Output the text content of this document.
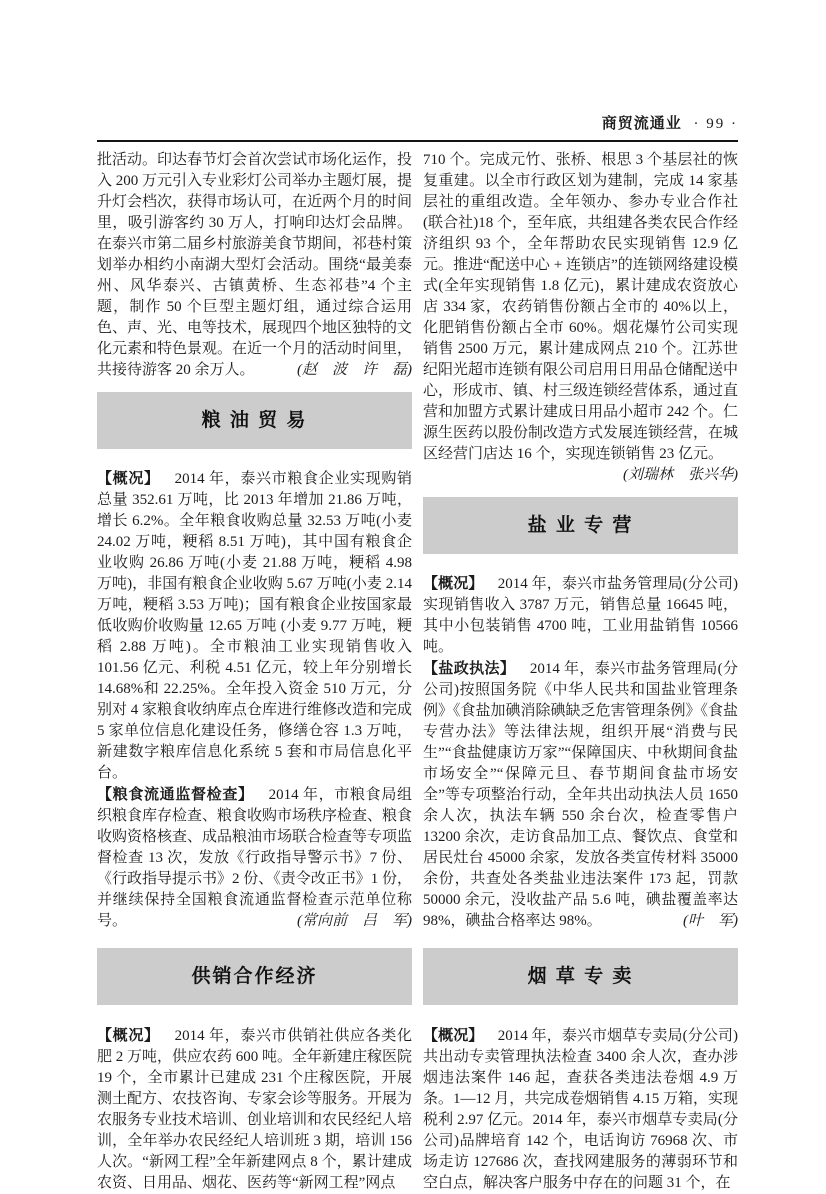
商贸流通业 · 99 ·

批活动。印达春节灯会首次尝试市场化运作，投入 200 万元引入专业彩灯公司举办主题灯展，提升灯会档次，获得市场认可，在近两个月的时间里，吸引游客约 30 万人，打响印达灯会品牌。在泰兴市第二届乡村旅游美食节期间，祁巷村策划举办相约小南湖大型灯会活动。围绕“最美泰州、风华泰兴、古镇黄桥、生态祁巷”4 个主题，制作 50 个巨型主题灯组，通过综合运用色、声、光、电等技术，展现四个地区独特的文化元素和特色景观。在近一个月的活动时间里，共接待游客 20 余万人。	(赵　波　许　磊)

粮 油 贸 易

【概况】 2014 年，泰兴市粮食企业实现购销总量 352.61 万吨，比 2013 年增加 21.86 万吨，增长 6.2%。全年粮食收购总量 32.53 万吨(小麦 24.02 万吨，粳稻 8.51 万吨)，其中国有粮食企业收购 26.86 万吨(小麦 21.88 万吨，粳稻 4.98 万吨)，非国有粮食企业收购 5.67 万吨(小麦 2.14 万吨，粳稻 3.53 万吨)；国有粮食企业按国家最低收购价收购量 12.65 万吨 (小麦 9.77 万吨，粳稻 2.88 万吨)。全市粮油工业实现销售收入 101.56 亿元、利税 4.51 亿元，较上年分别增长 14.68%和 22.25%。全年投入资金 510 万元，分别对 4 家粮食收纳库点仓库进行维修改造和完成 5 家单位信息化建设任务，修缮仓容 1.3 万吨，新建数字粮库信息化系统 5 套和市局信息化平台。

【粮食流通监督检查】 2014 年，市粮食局组织粮食库存检查、粮食收购市场秩序检查、粮食收购资格核查、成品粮油市场联合检查等专项监督检查 13 次，发放《行政指导警示书》7 份、《行政指导提示书》2 份、《责令改正书》1 份，并继续保持全国粮食流通监督检查示范单位称号。	(常向前　吕　军)

供销合作经济

【概况】 2014 年，泰兴市供销社供应各类化肥 2 万吨，供应农药 600 吨。全年新建庄稼医院 19 个，全市累计已建成 231 个庄稼医院，开展测土配方、农技咨询、专家会诊等服务。开展为农服务专业技术培训、创业培训和农民经纪人培训，全年举办农民经纪人培训班 3 期，培训 156 人次。“新网工程”全年新建网点 8 个，累计建成农资、日用品、烟花、医药等“新网工程”网点

710 个。完成元竹、张桥、根思 3 个基层社的恢复重建。以全市行政区划为建制，完成 14 家基层社的重组改造。全年领办、参办专业合作社(联合社)18 个，至年底，共组建各类农民合作经济组织 93 个，全年帮助农民实现销售 12.9 亿元。推进“配送中心 + 连锁店”的连锁网络建设模式(全年实现销售 1.8 亿元)，累计建成农资放心店 334 家，农药销售份额占全市的 40%以上，化肥销售份额占全市 60%。烟花爆竹公司实现销售 2500 万元，累计建成网点 210 个。江苏世纪阳光超市连锁有限公司启用日用品仓储配送中心，形成市、镇、村三级连锁经营体系，通过直营和加盟方式累计建成日用品小超市 242 个。仁源生医药以股份制改造方式发展连锁经营，在城区经营门店达 16 个，实现连锁销售 23 亿元。
(刘瑞林　张兴华)

盐 业 专 营

【概况】 2014 年，泰兴市盐务管理局(分公司)实现销售收入 3787 万元，销售总量 16645 吨，其中小包装销售 4700 吨，工业用盐销售 10566 吨。

【盐政执法】 2014 年，泰兴市盐务管理局(分公司)按照国务院《中华人民共和国盐业管理条例》《食盐加碘消除碘缺乏危害管理条例》《食盐专营办法》等法律法规，组织开展“消费与民生”“食盐健康访万家”“保障国庆、中秋期间食盐市场安全”“保障元旦、春节期间食盐市场安全”等专项整治行动，全年共出动执法人员 1650 余人次，执法车辆 550 余台次，检查零售户 13200 余次，走访食品加工点、餐饮点、食堂和居民灶台 45000 余家，发放各类宣传材料 35000 余份，共查处各类盐业违法案件 173 起，罚款 50000 余元，没收盐产品 5.6 吨，碘盐覆盖率达 98%，碘盐合格率达 98%。	(叶　军)

烟 草 专 卖

【概况】 2014 年，泰兴市烟草专卖局(分公司)共出动专卖管理执法检查 3400 余人次，查办涉烟违法案件 146 起，查获各类违法卷烟 4.9 万条。1—12 月，共完成卷烟销售 4.15 万箱，实现税利 2.97 亿元。2014 年，泰兴市烟草专卖局(分公司)品牌培育 142 个，电话询访 76968 次、市场走访 127686 次，查找网建服务的薄弱环节和空白点，解决客户服务中存在的问题 31 个，在
